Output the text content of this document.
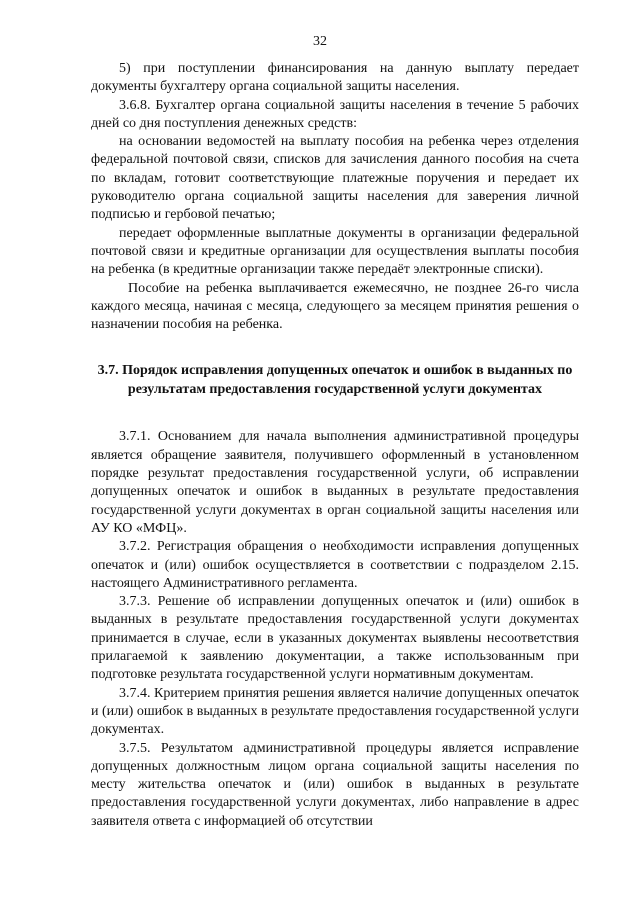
32

5) при поступлении финансирования на данную выплату передает документы бухгалтеру органа социальной защиты населения.

3.6.8. Бухгалтер органа социальной защиты населения в течение 5 рабочих дней со дня поступления денежных средств:

на основании ведомостей на выплату пособия на ребенка через отделения федеральной почтовой связи, списков для зачисления данного пособия на счета по вкладам, готовит соответствующие платежные поручения и передает их руководителю органа социальной защиты населения для заверения личной подписью и гербовой печатью;

передает оформленные выплатные документы в организации федеральной почтовой связи и кредитные организации для осуществления выплаты пособия на ребенка (в кредитные организации также передаёт электронные списки).

Пособие на ребенка выплачивается ежемесячно, не позднее 26-го числа каждого месяца, начиная с месяца, следующего за месяцем принятия решения о назначении пособия на ребенка.

3.7. Порядок исправления допущенных опечаток и ошибок в выданных по результатам предоставления государственной услуги документах

3.7.1. Основанием для начала выполнения административной процедуры является обращение заявителя, получившего оформленный в установленном порядке результат предоставления государственной услуги, об исправлении допущенных опечаток и ошибок в выданных в результате предоставления государственной услуги документах в орган социальной защиты населения или АУ КО «МФЦ».

3.7.2. Регистрация обращения о необходимости исправления допущенных опечаток и (или) ошибок осуществляется в соответствии с подразделом 2.15. настоящего Административного регламента.

3.7.3. Решение об исправлении допущенных опечаток и (или) ошибок в выданных в результате предоставления государственной услуги документах принимается в случае, если в указанных документах выявлены несоответствия прилагаемой к заявлению документации, а также использованным при подготовке результата государственной услуги нормативным документам.

3.7.4. Критерием принятия решения является наличие допущенных опечаток и (или) ошибок в выданных в результате предоставления государственной услуги документах.

3.7.5. Результатом административной процедуры является исправление допущенных должностным лицом органа социальной защиты населения по месту жительства опечаток и (или) ошибок в выданных в результате предоставления государственной услуги документах, либо направление в адрес заявителя ответа с информацией об отсутствии
